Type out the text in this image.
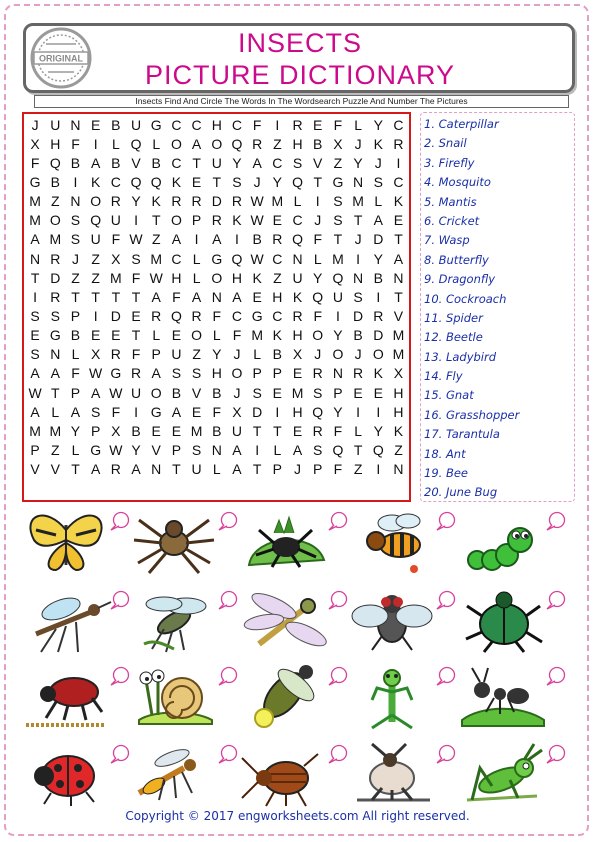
ORIGINAL
INSECTS
PICTURE DICTIONARY
Insects Find And Circle The Words In The Wordsearch Puzzle And Number The Pictures
J U N E B U G C C H C F I R E F L Y C
X H F I	L Q L O A O Q R Z H B X J K R
F Q B A B V B C T U Y A C S V Z Y J	I
G B I K C Q Q K E T S J Y Q T G N S C
M Z N O R Y K R R D R W M L	I S M L K
M O S Q U I T O P R K W E C J S T A E
A M S U F W Z A I A I B R Q F T J D T
N R J Z X S M C L G Q W C N L M I Y A
T D Z Z M F W H L O H K Z U Y Q N B N
I R T T T T A F A N A E H K Q U S I T
S S P I D E R Q R F C G C R F I D R V
E G B E E T L E O L F M K H O Y B D M
S N L X R F P U Z Y J L B X J O J O M
A A F W G R A S S H O P P E R N R K X
W T P A W U O B V B J S E M S P E E H
A L A S F I G A E F X D I H Q Y I	I H
M M Y P X B E E M B U T T E R F L Y K
P Z L G W Y V P S N A I	L A S Q T Q Z
V V T A R A N T U L A T P J P F Z I N
1. Caterpillar
2. Snail
3. Firefly
4. Mosquito
5. Mantis
6. Cricket
7. Wasp
8. Butterfly
9. Dragonfly
10. Cockroach
11. Spider
12. Beetle
13. Ladybird
14. Fly
15. Gnat
16. Grasshopper
17. Tarantula
18. Ant
19. Bee
20. June Bug
Copyright © 2017 engworksheets.com All right reserved.
